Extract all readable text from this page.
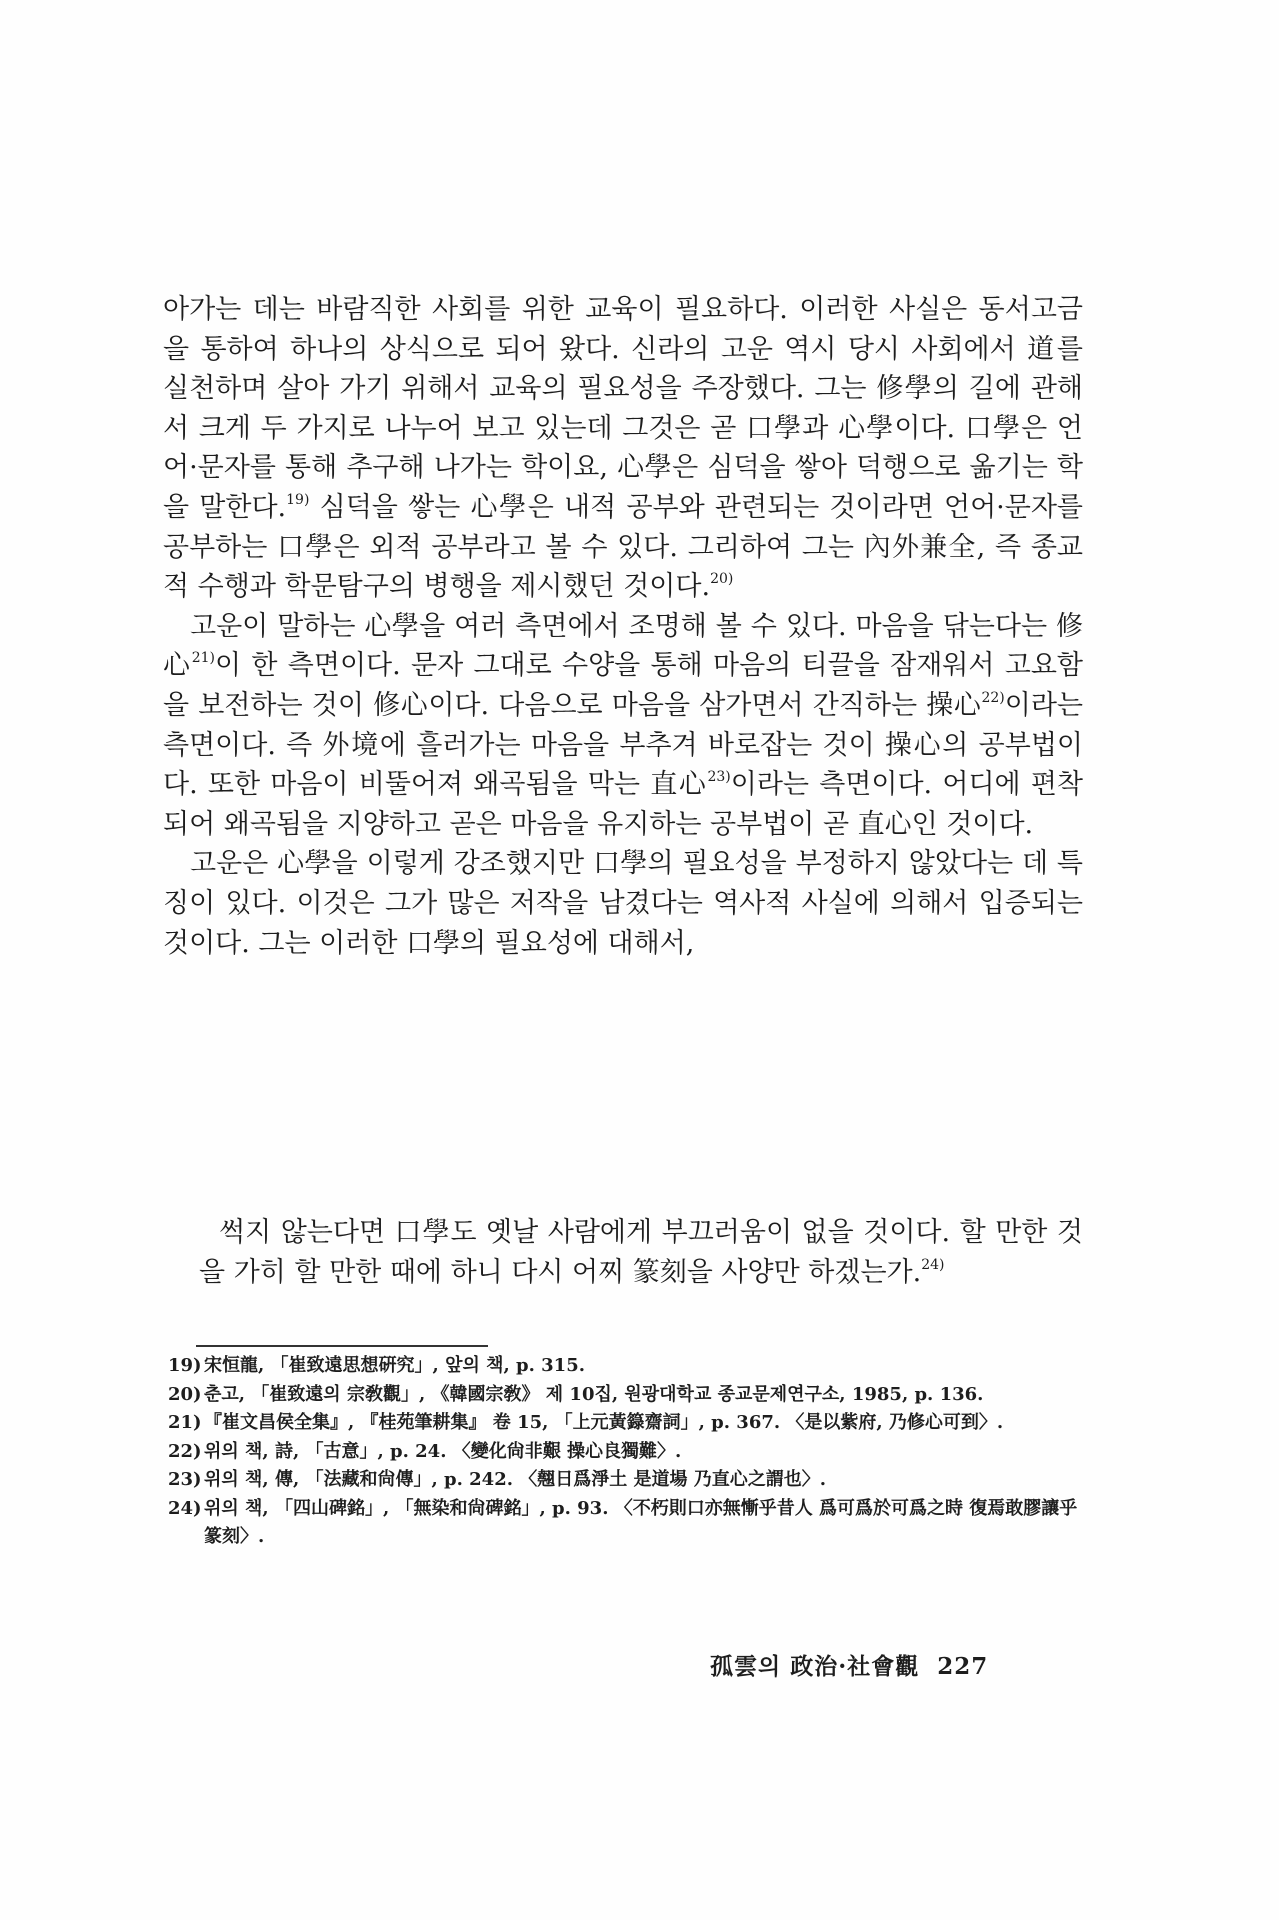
아가는 데는 바람직한 사회를 위한 교육이 필요하다. 이러한 사실은 동서고금을 통하여 하나의 상식으로 되어 왔다. 신라의 고운 역시 당시 사회에서 道를 실천하며 살아 가기 위해서 교육의 필요성을 주장했다. 그는 修學의 길에 관해서 크게 두 가지로 나누어 보고 있는데 그것은 곧 口學과 心學이다. 口學은 언어·문자를 통해 추구해 나가는 학이요, 心學은 심덕을 쌓아 덕행으로 옮기는 학을 말한다.$^{19)}$ 심덕을 쌓는 心學은 내적 공부와 관련되는 것이라면 언어·문자를 공부하는 口學은 외적 공부라고 볼 수 있다. 그리하여 그는 內外兼全, 즉 종교적 수행과 학문탐구의 병행을 제시했던 것이다.$^{20)}$

고운이 말하는 心學을 여러 측면에서 조명해 볼 수 있다. 마음을 닦는다는 修心$^{21)}$이 한 측면이다. 문자 그대로 수양을 통해 마음의 티끌을 잠재워서 고요함을 보전하는 것이 修心이다. 다음으로 마음을 삼가면서 간직하는 操心$^{22)}$이라는 측면이다. 즉 外境에 흘러가는 마음을 부추겨 바로잡는 것이 操心의 공부법이다. 또한 마음이 비뚤어져 왜곡됨을 막는 直心$^{23)}$이라는 측면이다. 어디에 편착되어 왜곡됨을 지양하고 곧은 마음을 유지하는 공부법이 곧 直心인 것이다.

고운은 心學을 이렇게 강조했지만 口學의 필요성을 부정하지 않았다는 데 특징이 있다. 이것은 그가 많은 저작을 남겼다는 역사적 사실에 의해서 입증되는 것이다. 그는 이러한 口學의 필요성에 대해서,

썩지 않는다면 口學도 옛날 사람에게 부끄러움이 없을 것이다. 할 만한 것을 가히 할 만한 때에 하니 다시 어찌 篆刻을 사양만 하겠는가.$^{24)}$

19) 宋恒龍, 「崔致遠思想硏究」, 앞의 책, p. 315.
20) 춘고, 「崔致遠의 宗敎觀」, 《韓國宗敎》 제 10집, 원광대학교 종교문제연구소, 1985, p. 136.
21) 『崔文昌侯全集』, 『桂苑筆耕集』 卷 15, 「上元黃籙齋詞」, p. 367. 〈是以紫府, 乃修心可到〉.
22) 위의 책, 詩, 「古意」, p. 24. 〈變化尙非艱 操心良獨難〉.
23) 위의 책, 傳, 「法藏和尙傳」, p. 242. 〈翹日爲淨土 是道場 乃直心之謂也〉.
24) 위의 책, 「四山碑銘」, 「無染和尙碑銘」, p. 93. 〈不朽則口亦無慚乎昔人 爲可爲於可爲之時 復焉敢膠讓乎篆刻〉.
孤雲의 政治·社會觀 227
